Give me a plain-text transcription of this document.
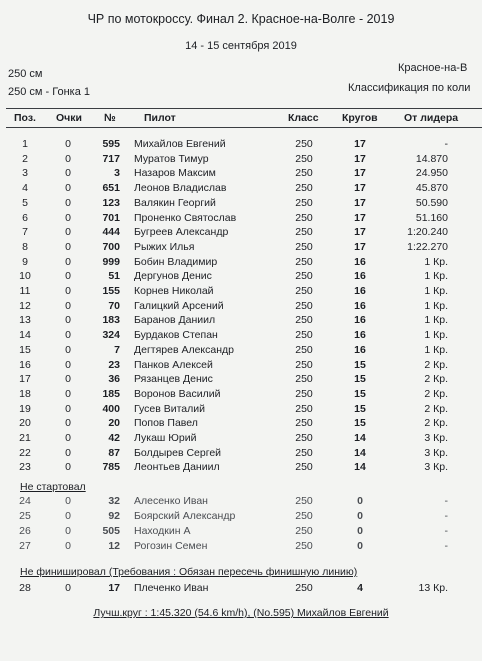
ЧР по мотокроссу. Финал 2. Красное-на-Волге - 2019
14 - 15 сентября 2019
250 см
250 см - Гонка 1
Красное-на-В
Классификация по коли
Поз. Очки №	Пилот	Класс Кругов	От лидера
1	0	595 Михайлов Евгений	250	17	-
2	0	717 Муратов Тимур	250	17	14.870
3	0	3 Назаров Максим	250	17	24.950
4	0	651 Леонов Владислав	250	17	45.870
5	0	123 Валякин Георгий	250	17	50.590
6	0	701 Проненко Святослав	250	17	51.160
7	0	444 Бугреев Александр	250	17	1:20.240
8	0	700 Рыжих Илья	250	17	1:22.270
9	0	999 Бобин Владимир	250	16	1 Кр.
10	0	51 Дергунов Денис	250	16	1 Кр.
11	0	155 Корнев Николай	250	16	1 Кр.
12	0	70 Галицкий Арсений	250	16	1 Кр.
13	0	183 Баранов Даниил	250	16	1 Кр.
14	0	324 Бурдаков Степан	250	16	1 Кр.
15	0	7 Дегтярев Александр	250	16	1 Кр.
16	0	23 Панков Алексей	250	15	2 Кр.
17	0	36 Рязанцев Денис	250	15	2 Кр.
18	0	185 Воронов Василий	250	15	2 Кр.
19	0	400 Гусев Виталий	250	15	2 Кр.
20	0	20 Попов Павел	250	15	2 Кр.
21	0	42 Лукаш Юрий	250	14	3 Кр.
22	0	87 Болдырев Сергей	250	14	3 Кр.
23	0	785 Леонтьев Даниил	250	14	3 Кр.
Не стартовал
24	0	32 Алесенко Иван	250	0	-
25	0	92 Боярский Александр	250	0	-
26	0	505 Находкин А	250	0	-
27	0	12 Рогозин Семен	250	0	-
Не финишировал (Требования : Обязан пересечь финишную линию)
28	0	17 Плеченко Иван	250	4	13 Кр.
Лучш.круг : 1:45.320 (54.6 km/h), (No.595) Михайлов Евгений
